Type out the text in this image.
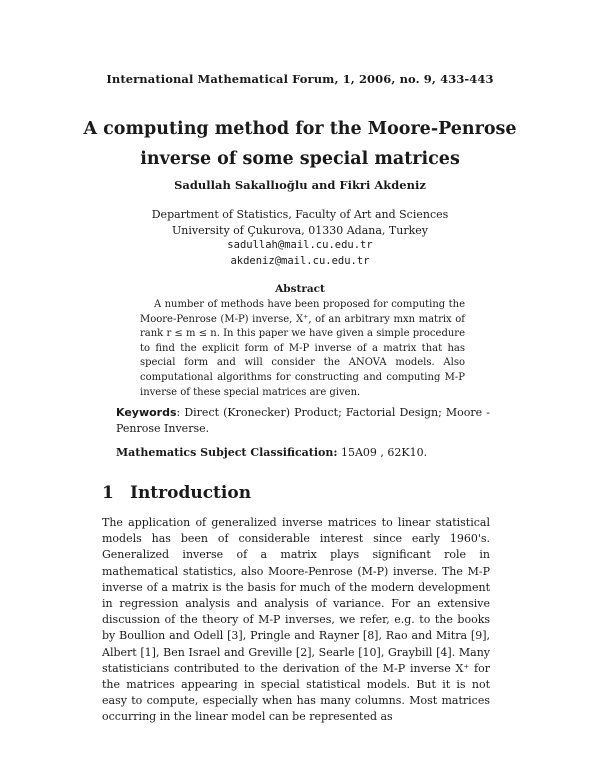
International Mathematical Forum, 1, 2006, no. 9, 433-443
A computing method for the Moore-Penrose
inverse of some special matrices
Sadullah Sakallıoğlu and Fikri Akdeniz
Department of Statistics, Faculty of Art and Sciences
University of Çukurova, 01330 Adana, Turkey
sadullah@mail.cu.edu.tr
akdeniz@mail.cu.edu.tr
Abstract

A number of methods have been proposed for computing the Moore-Penrose (M-P) inverse, X⁺, of an arbitrary mxn matrix of rank r ≤ m ≤ n. In this paper we have given a simple procedure to find the explicit form of M-P inverse of a matrix that has special form and will consider the ANOVA models. Also computational algorithms for constructing and computing M-P inverse of these special matrices are given.

Keywords: Direct (Kronecker) Product; Factorial Design; Moore - Penrose Inverse.
Mathematics Subject Classification: 15A09 , 62K10.
1 Introduction

The application of generalized inverse matrices to linear statistical models has been of considerable interest since early 1960's. Generalized inverse of a matrix plays significant role in mathematical statistics, also Moore-Penrose (M-P) inverse. The M-P inverse of a matrix is the basis for much of the modern development in regression analysis and analysis of variance. For an extensive discussion of the theory of M-P inverses, we refer, e.g. to the books by Boullion and Odell [3], Pringle and Rayner [8], Rao and Mitra [9], Albert [1], Ben Israel and Greville [2], Searle [10], Graybill [4]. Many statisticians contributed to the derivation of the M-P inverse X⁺ for the matrices appearing in special statistical models. But it is not easy to compute, especially when has many columns. Most matrices occurring in the linear model can be represented as
